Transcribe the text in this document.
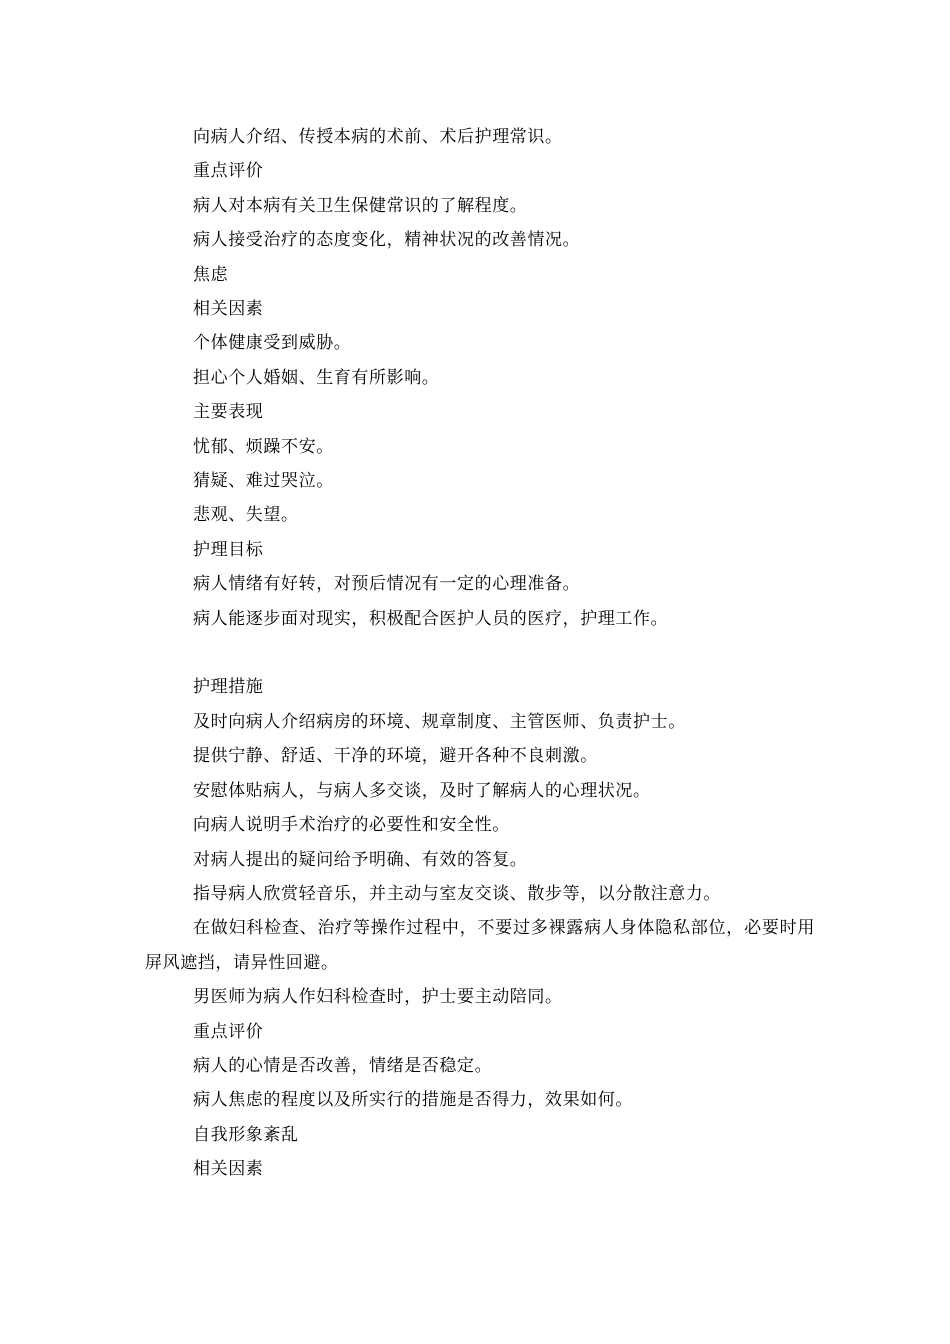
向病人介绍、传授本病的术前、术后护理常识。

重点评价

病人对本病有关卫生保健常识的了解程度。

病人接受治疗的态度变化，精神状况的改善情况。

焦虑

相关因素

个体健康受到威胁。

担心个人婚姻、生育有所影响。

主要表现

忧郁、烦躁不安。

猜疑、难过哭泣。

悲观、失望。

护理目标

病人情绪有好转，对预后情况有一定的心理准备。

病人能逐步面对现实，积极配合医护人员的医疗，护理工作。

护理措施

及时向病人介绍病房的环境、规章制度、主管医师、负责护士。

提供宁静、舒适、干净的环境，避开各种不良刺激。

安慰体贴病人，与病人多交谈，及时了解病人的心理状况。

向病人说明手术治疗的必要性和安全性。

对病人提出的疑问给予明确、有效的答复。

指导病人欣赏轻音乐，并主动与室友交谈、散步等，以分散注意力。

在做妇科检查、治疗等操作过程中，不要过多裸露病人身体隐私部位，必要时用屏风遮挡，请异性回避。

男医师为病人作妇科检查时，护士要主动陪同。

重点评价

病人的心情是否改善，情绪是否稳定。

病人焦虑的程度以及所实行的措施是否得力，效果如何。

自我形象紊乱

相关因素
